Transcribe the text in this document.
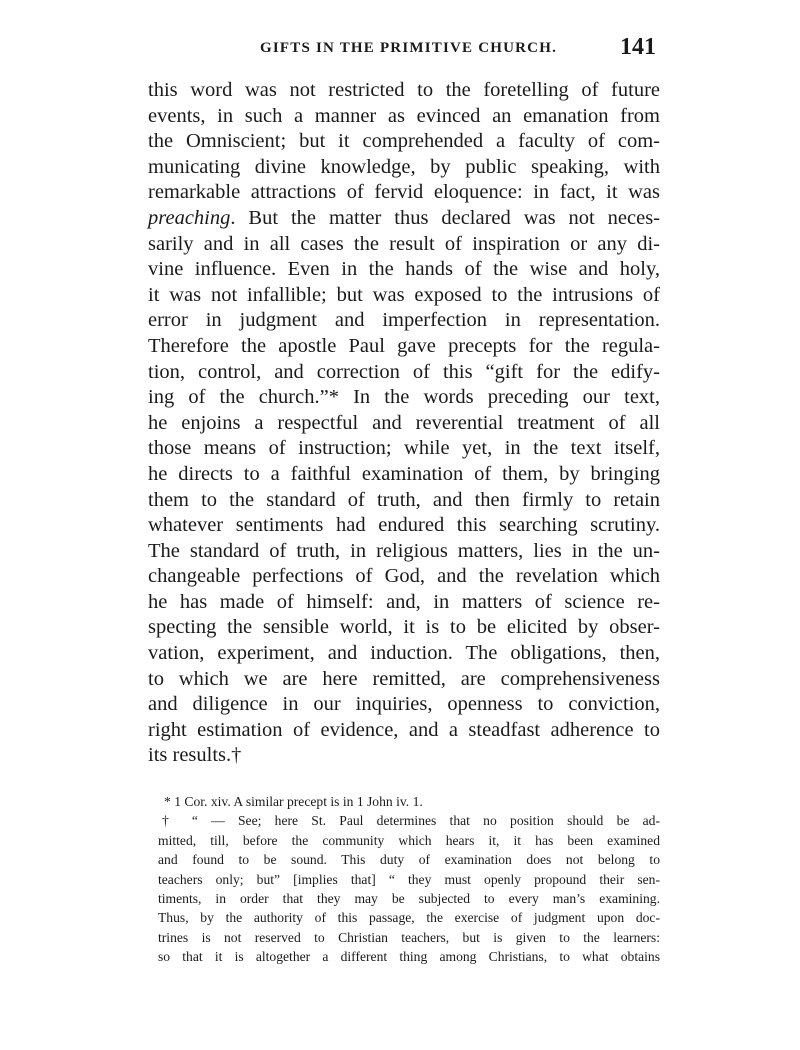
GIFTS IN THE PRIMITIVE CHURCH.	141
this word was not restricted to the foretelling of future
events, in such a manner as evinced an emanation from
the Omniscient; but it comprehended a faculty of com-
municating divine knowledge, by public speaking, with
remarkable attractions of fervid eloquence: in fact, it was
preaching. But the matter thus declared was not neces-
sarily and in all cases the result of inspiration or any di-
vine influence. Even in the hands of the wise and holy,
it was not infallible; but was exposed to the intrusions of
error in judgment and imperfection in representation.
Therefore the apostle Paul gave precepts for the regula-
tion, control, and correction of this “gift for the edify-
ing of the church.”* In the words preceding our text,
he enjoins a respectful and reverential treatment of all
those means of instruction; while yet, in the text itself,
he directs to a faithful examination of them, by bringing
them to the standard of truth, and then firmly to retain
whatever sentiments had endured this searching scrutiny.
The standard of truth, in religious matters, lies in the un-
changeable perfections of God, and the revelation which
he has made of himself: and, in matters of science re-
specting the sensible world, it is to be elicited by obser-
vation, experiment, and induction. The obligations, then,
to which we are here remitted, are comprehensiveness
and diligence in our inquiries, openness to conviction,
right estimation of evidence, and a steadfast adherence to
its results.†
* 1 Cor. xiv. A similar precept is in 1 John iv. 1.
† “ — See; here St. Paul determines that no position should be ad-
mitted, till, before the community which hears it, it has been examined
and found to be sound. This duty of examination does not belong to
teachers only; but” [implies that] “ they must openly propound their sen-
timents, in order that they may be subjected to every man’s examining.
Thus, by the authority of this passage, the exercise of judgment upon doc-
trines is not reserved to Christian teachers, but is given to the learners:
so that it is altogether a different thing among Christians, to what obtains
